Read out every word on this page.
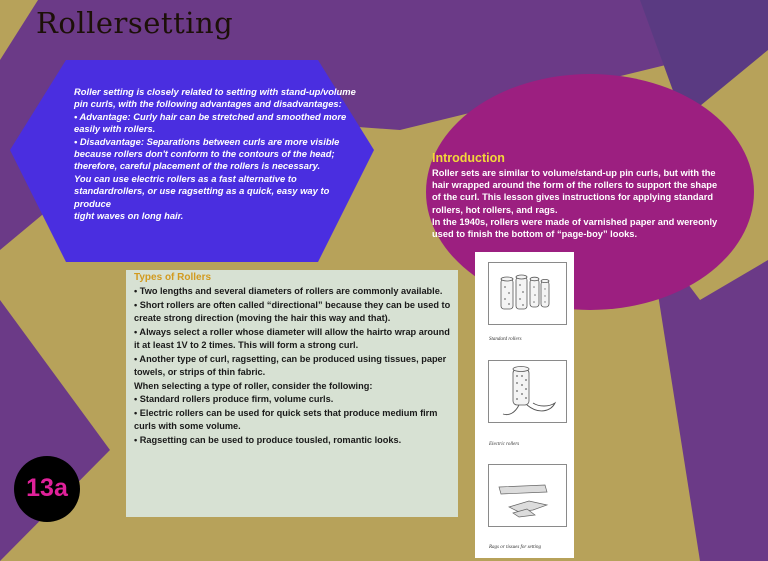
Rollersetting

Roller setting is closely related to setting with stand-up/volume pin curls, with the following advantages and disadvantages:

• Advantage: Curly hair can be stretched and smoothed more easily with rollers.

• Disadvantage: Separations between curls are more visible because rollers don't conform to the contours of the head; therefore, careful placement of the rollers is necessary.

You can use electric rollers as a fast alternative to standardrollers, or use ragsetting as a quick, easy way to produce

tight waves on long hair.

Introduction

Roller sets are similar to volume/stand-up pin curls, but with the hair wrapped around the form of the rollers to support the shape of the curl. This lesson gives instructions for applying standard rollers, hot rollers, and rags.

In the 1940s, rollers were made of varnished paper and wereonly used to finish the bottom of “page-boy” looks.

Types of Rollers

• Two lengths and several diameters of rollers are commonly available.

• Short rollers are often called “directional” because they can be used to create strong direction (moving the hair this way and that).

• Always select a roller whose diameter will allow the hairto wrap around it at least 1V to 2 times. This will form a strong curl.

• Another type of curl, ragsetting, can be produced using tissues, paper towels, or strips of thin fabric.

When selecting a type of roller, consider the following:

• Standard rollers produce firm, volume curls.

• Electric rollers can be used for quick sets that produce medium firm curls with some volume.

• Ragsetting can be used to produce tousled, romantic looks.

Standard rollers
Electric rollers
Rags or tissues for setting
13a
